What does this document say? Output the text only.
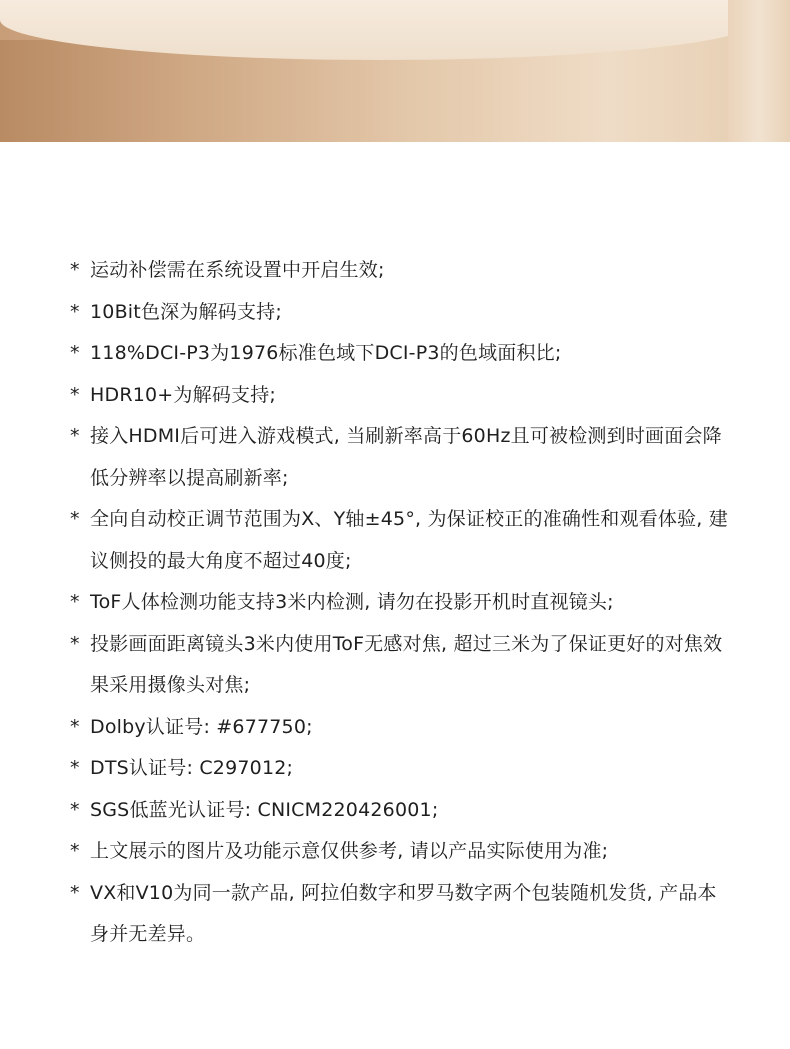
* 运动补偿需在系统设置中开启生效;
* 10Bit色深为解码支持;
* 118%DCI-P3为1976标准色域下DCI-P3的色域面积比;
* HDR10+为解码支持;
* 接入HDMI后可进入游戏模式, 当刷新率高于60Hz且可被检测到时画面会降低分辨率以提高刷新率;
* 全向自动校正调节范围为X、Y轴±45°, 为保证校正的准确性和观看体验, 建议侧投的最大角度不超过40度;
* ToF人体检测功能支持3米内检测, 请勿在投影开机时直视镜头;
* 投影画面距离镜头3米内使用ToF无感对焦, 超过三米为了保证更好的对焦效果采用摄像头对焦;
* Dolby认证号: #677750;
* DTS认证号: C297012;
* SGS低蓝光认证号: CNICM220426001;
* 上文展示的图片及功能示意仅供参考, 请以产品实际使用为准;
* VX和V10为同一款产品, 阿拉伯数字和罗马数字两个包装随机发货, 产品本身并无差异。
